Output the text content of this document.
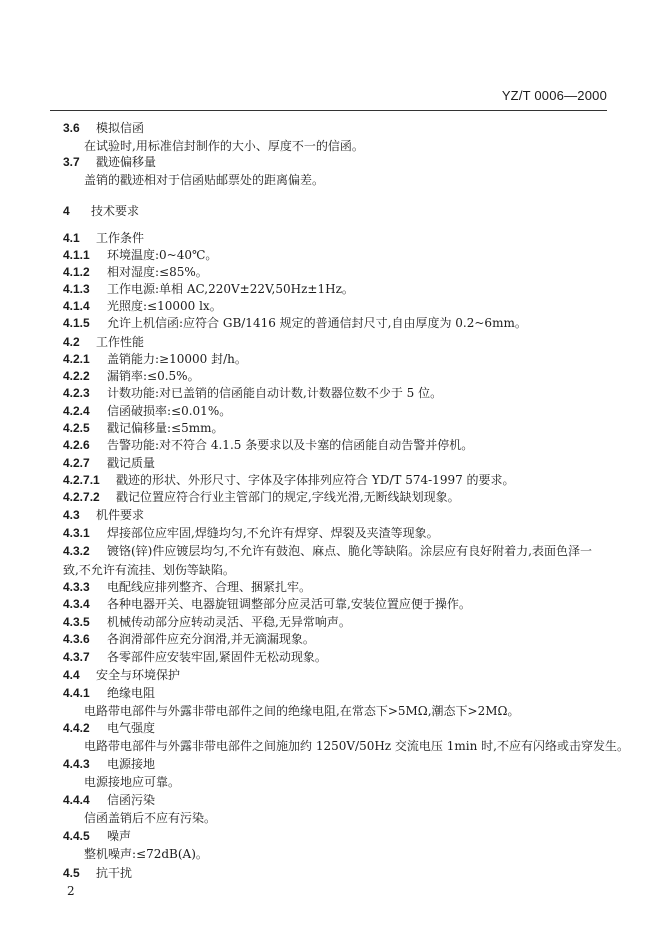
YZ/T 0006—2000
3.6 模拟信函
在试验时,用标准信封制作的大小、厚度不一的信函。
3.7 戳迹偏移量
盖销的戳迹相对于信函贴邮票处的距离偏差。
4 技术要求
4.1 工作条件
4.1.1 环境温度:0~40℃。
4.1.2 相对湿度:≤85%。
4.1.3 工作电源:单相 AC,220V±22V,50Hz±1Hz。
4.1.4 光照度:≤10000 lx。
4.1.5 允许上机信函:应符合 GB/1416 规定的普通信封尺寸,自由厚度为 0.2~6mm。
4.2 工作性能
4.2.1 盖销能力:≥10000 封/h。
4.2.2 漏销率:≤0.5%。
4.2.3 计数功能:对已盖销的信函能自动计数,计数器位数不少于 5 位。
4.2.4 信函破损率:≤0.01%。
4.2.5 戳记偏移量:≤5mm。
4.2.6 告警功能:对不符合 4.1.5 条要求以及卡塞的信函能自动告警并停机。
4.2.7 戳记质量
4.2.7.1 戳迹的形状、外形尺寸、字体及字体排列应符合 YD/T 574-1997 的要求。
4.2.7.2 戳记位置应符合行业主管部门的规定,字线光滑,无断线缺划现象。
4.3 机件要求
4.3.1 焊接部位应牢固,焊缝均匀,不允许有焊穿、焊裂及夹渣等现象。
4.3.2 镀铬(锌)件应镀层均匀,不允许有鼓泡、麻点、脆化等缺陷。涂层应有良好附着力,表面色泽一
致,不允许有流挂、划伤等缺陷。
4.3.3 电配线应排列整齐、合理、捆紧扎牢。
4.3.4 各种电器开关、电器旋钮调整部分应灵活可靠,安装位置应便于操作。
4.3.5 机械传动部分应转动灵活、平稳,无异常响声。
4.3.6 各润滑部件应充分润滑,并无滴漏现象。
4.3.7 各零部件应安装牢固,紧固件无松动现象。
4.4 安全与环境保护
4.4.1 绝缘电阻
电路带电部件与外露非带电部件之间的绝缘电阻,在常态下>5MΩ,潮态下>2MΩ。
4.4.2 电气强度
电路带电部件与外露非带电部件之间施加约 1250V/50Hz 交流电压 1min 时,不应有闪络或击穿发生。
4.4.3 电源接地
电源接地应可靠。
4.4.4 信函污染
信函盖销后不应有污染。
4.4.5 噪声
整机噪声:≤72dB(A)。
4.5 抗干扰
2
